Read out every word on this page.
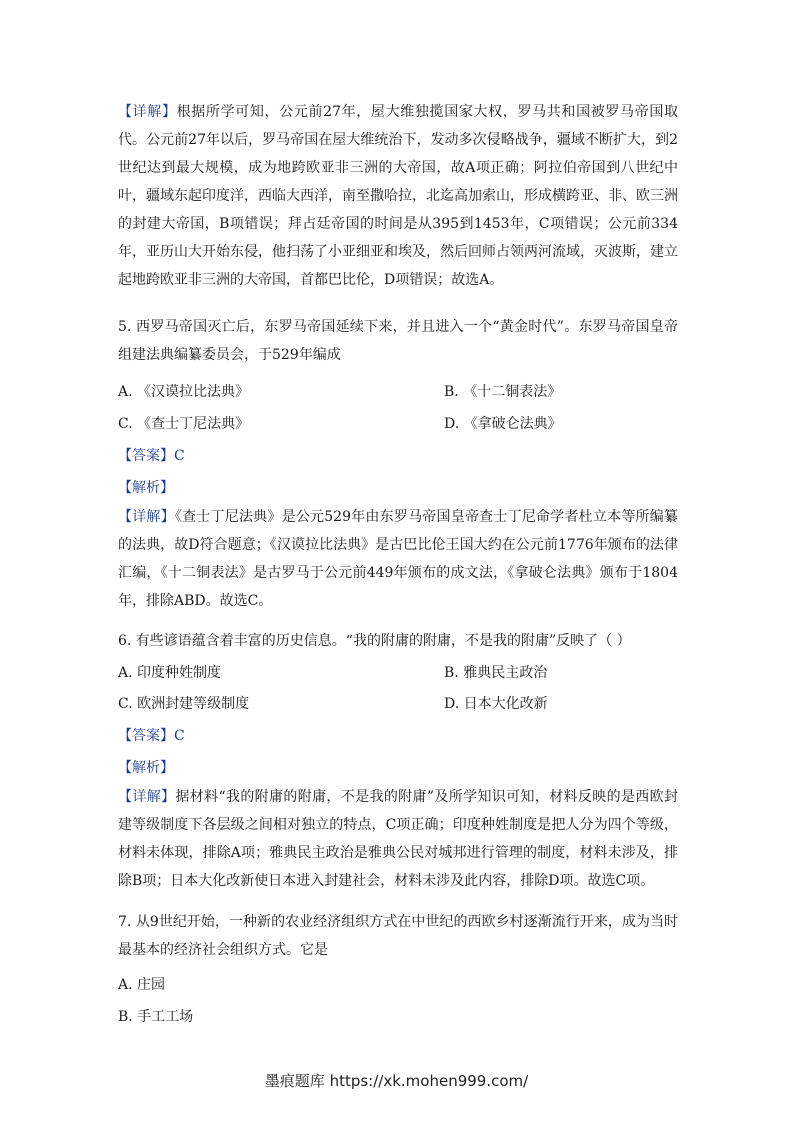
【详解】根据所学可知，公元前27年，屋大维独揽国家大权，罗马共和国被罗马帝国取代。公元前27年以后，罗马帝国在屋大维统治下，发动多次侵略战争，疆域不断扩大，到2世纪达到最大规模，成为地跨欧亚非三洲的大帝国，故A项正确；阿拉伯帝国到八世纪中叶，疆域东起印度洋，西临大西洋，南至撒哈拉，北迄高加索山，形成横跨亚、非、欧三洲的封建大帝国，B项错误；拜占廷帝国的时间是从395到1453年，C项错误；公元前334年，亚历山大开始东侵，他扫荡了小亚细亚和埃及，然后回师占领两河流域，灭波斯，建立起地跨欧亚非三洲的大帝国，首都巴比伦，D项错误；故选A。

5. 西罗马帝国灭亡后，东罗马帝国延续下来，并且进入一个“黄金时代”。东罗马帝国皇帝组建法典编纂委员会，于529年编成

A. 《汉谟拉比法典》	B. 《十二铜表法》
C. 《查士丁尼法典》	D. 《拿破仑法典》
【答案】C
【解析】

【详解】《查士丁尼法典》是公元529年由东罗马帝国皇帝查士丁尼命学者杜立本等所编纂的法典，故D符合题意；《汉谟拉比法典》是古巴比伦王国大约在公元前1776年颁布的法律汇编，《十二铜表法》是古罗马于公元前449年颁布的成文法，《拿破仑法典》颁布于1804年，排除ABD。故选C。

6. 有些谚语蕴含着丰富的历史信息。“我的附庸的附庸，不是我的附庸”反映了（ ）

A. 印度种姓制度	B. 雅典民主政治
C. 欧洲封建等级制度	D. 日本大化改新
【答案】C
【解析】

【详解】据材料“我的附庸的附庸，不是我的附庸”及所学知识可知，材料反映的是西欧封建等级制度下各层级之间相对独立的特点，C项正确；印度种姓制度是把人分为四个等级，材料未体现，排除A项；雅典民主政治是雅典公民对城邦进行管理的制度，材料未涉及，排除B项；日本大化改新使日本进入封建社会，材料未涉及此内容，排除D项。故选C项。

7. 从9世纪开始，一种新的农业经济组织方式在中世纪的西欧乡村逐渐流行开来，成为当时最基本的经济社会组织方式。它是

A. 庄园
B. 手工工场
墨痕题库 https://xk.mohen999.com/
